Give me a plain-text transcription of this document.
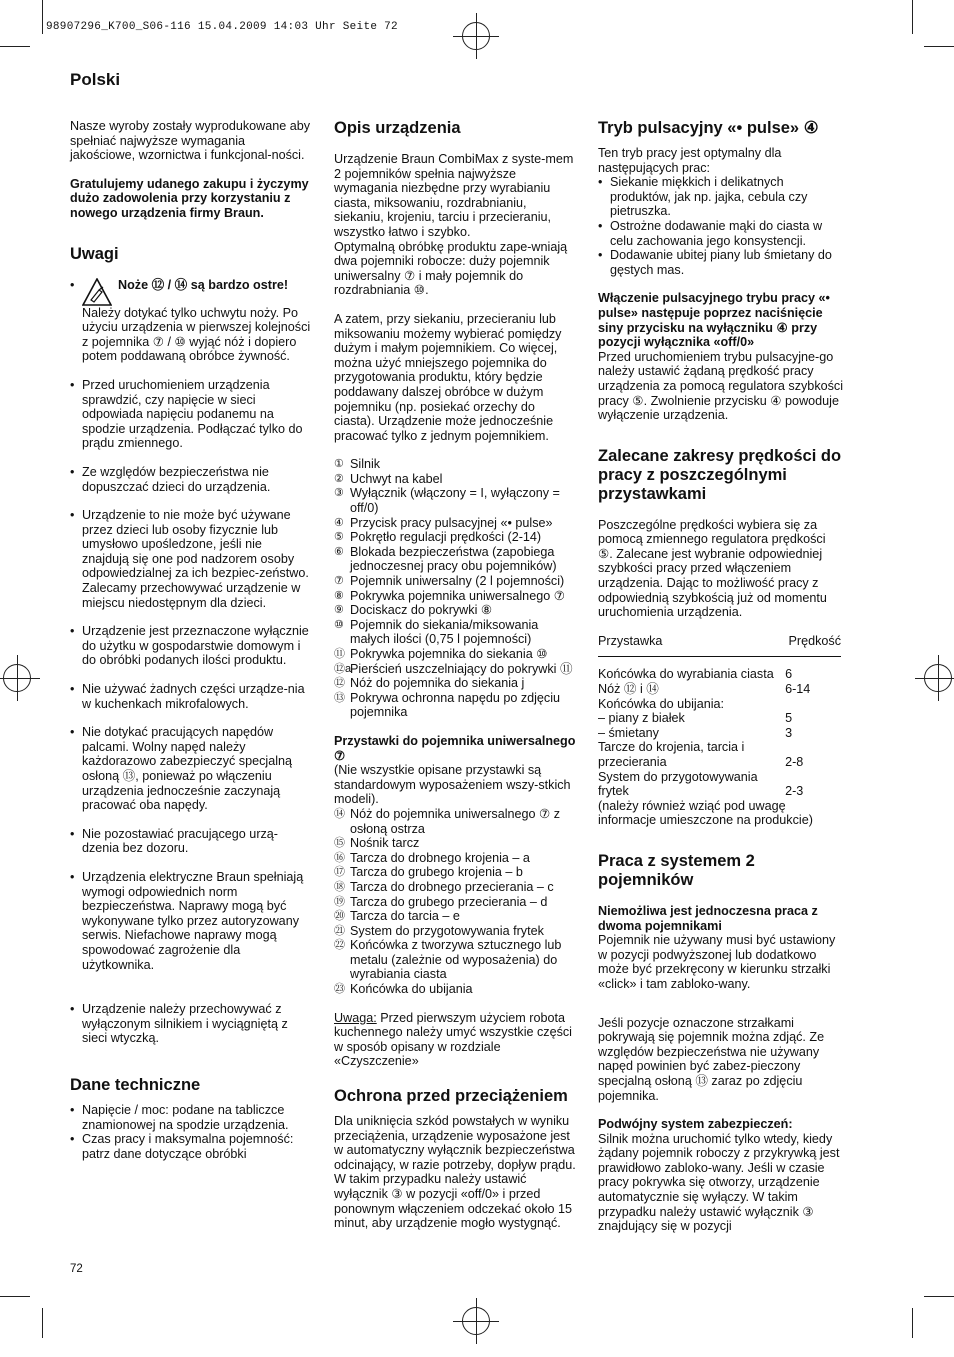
98907296_K700_S06-116 15.04.2009 14:03 Uhr Seite 72
Polski

Nasze wyroby zostały wyprodukowane aby spełniać najwyższe wymagania jakościowe, wzornictwa i funkcjonal-ności.

Gratulujemy udanego zakupu i życzymy dużo zadowolenia przy korzystaniu z nowego urządzenia firmy Braun.

Uwagi
• Noże ⑫ / ⑭ są bardzo ostre!

Należy dotykać tylko uchwytu noży. Po użyciu urządzenia w pierwszej kolejności z pojemnika ⑦ / ⑩ wyjąć nóż i dopiero potem poddawaną obróbce żywność.

• Przed uruchomieniem urządzenia sprawdzić, czy napięcie w sieci odpowiada napięciu podanemu na spodzie urządzenia. Podłączać tylko do prądu zmiennego.
• Ze względów bezpieczeństwa nie dopuszczać dzieci do urządzenia.
• Urządzenie to nie może być używane przez dzieci lub osoby fizycznie lub umysłowo upośledzone, jeśli nie znajdują się one pod nadzorem osoby odpowiedzialnej za ich bezpiec-zeństwo. Zalecamy przechowywać urządzenie w miejscu niedostępnym dla dzieci.
• Urządzenie jest przeznaczone wyłącznie do użytku w gospodarstwie domowym i do obróbki podanych ilości produktu.
• Nie używać żadnych części urządze-nia w kuchenkach mikrofalowych.
• Nie dotykać pracujących napędów palcami. Wolny napęd należy każdorazowo zabezpieczyć specjalną osłoną ⑬, ponieważ po włączeniu urządzenia jednocześnie zaczynają pracować oba napędy.
• Nie pozostawiać pracującego urzą-dzenia bez dozoru.
• Urządzenia elektryczne Braun spełniają wymogi odpowiednich norm bezpieczeństwa. Naprawy mogą być wykonywane tylko przez autoryzowany serwis. Niefachowe naprawy mogą spowodować zagrożenie dla użytkownika.
• Urządzenie należy przechowywać z wyłączonym silnikiem i wyciągniętą z sieci wtyczką.
Dane techniczne
• Napięcie / moc: podane na tabliczce znamionowej na spodzie urządzenia.
• Czas pracy i maksymalna pojemność: patrz dane dotyczące obróbki
Opis urządzenia

Urządzenie Braun CombiMax z syste-mem 2 pojemników spełnia najwyższe wymagania niezbędne przy wyrabianiu ciasta, miksowaniu, rozdrabnianiu, siekaniu, krojeniu, tarciu i przecieraniu, wszystko łatwo i szybko.

Optymalną obróbkę produktu zape-wniają dwa pojemniki robocze: duży pojemnik uniwersalny ⑦ i mały pojemnik do rozdrabniania ⑩.

A zatem, przy siekaniu, przecieraniu lub miksowaniu możemy wybierać pomiędzy dużym i małym pojemnikiem. Co więcej, można użyć mniejszego pojemnika do przygotowania produktu, który będzie poddawany dalszej obróbce w dużym pojemniku (np. posiekać orzechy do ciasta). Urządzenie może jednocześnie pracować tylko z jednym pojemnikiem.

① Silnik
② Uchwyt na kabel
③ Wyłącznik (włączony = I, wyłączony = off/0)
④ Przycisk pracy pulsacyjnej «• pulse»
⑤ Pokrętło regulacji prędkości (2-14)
⑥ Blokada bezpieczeństwa (zapobiega jednoczesnej pracy obu pojemników)
⑦ Pojemnik uniwersalny (2 l pojemności)
⑧ Pokrywka pojemnika uniwersalnego ⑦
⑨ Dociskacz do pokrywki ⑧
⑩ Pojemnik do siekania/miksowania małych ilości (0,75 l pojemności)
⑪ Pokrywka pojemnika do siekania ⑩
⑫a
Pierścień uszczelniający do pokrywki ⑪
⑫ Nóż do pojemnika do siekania j
⑬ Pokrywa ochronna napędu po zdjęciu pojemnika

Przystawki do pojemnika uniwersalnego ⑦

(Nie wszystkie opisane przystawki są standardowym wyposażeniem wszy-stkich modeli).

⑭ Nóż do pojemnika uniwersalnego ⑦ z osłoną ostrza
⑮ Nośnik tarcz
⑯ Tarcza do drobnego krojenia – a
⑰ Tarcza do grubego krojenia – b
⑱ Tarcza do drobnego przecierania – c
⑲ Tarcza do grubego przecierania – d
⑳ Tarcza do tarcia – e
㉑ System do przygotowywania frytek
㉒ Końcówka z tworzywa sztucznego lub metalu (zależnie od wyposażenia) do wyrabiania ciasta
㉓ Końcówka do ubijania

Uwaga: Przed pierwszym użyciem robota kuchennego należy umyć wszystkie części w sposób opisany w rozdziale «Czyszczenie»

Ochrona przed przeciążeniem

Dla uniknięcia szkód powstałych w wyniku przeciążenia, urządzenie wyposażone jest w automatyczny wyłącznik bezpieczeństwa odcinający, w razie potrzeby, dopływ prądu. W takim przypadku należy ustawić wyłącznik ③ w pozycji «off/0» i przed ponownym włączeniem odczekać około 15 minut, aby urządzenie mogło wystygnąć.

Tryb pulsacyjny «• pulse» ④

Ten tryb pracy jest optymalny dla następujących prac:

• Siekanie miękkich i delikatnych produktów, jak np. jajka, cebula czy pietruszka.
• Ostrożne dodawanie mąki do ciasta w celu zachowania jego konsystencji.
• Dodawanie ubitej piany lub śmietany do gęstych mas.

Włączenie pulsacyjnego trybu pracy «• pulse» następuje poprzez naciśnięcie siny przycisku na wyłączniku ④ przy pozycji wyłącznika «off/0»

Przed uruchomieniem trybu pulsacyjne-go należy ustawić żądaną prędkość pracy urządzenia za pomocą regulatora szybkości pracy ⑤. Zwolnienie przycisku ④ powoduje wyłączenie urządzenia.

Zalecane zakresy prędkości do pracy z poszczególnymi przystawkami

Poszczególne prędkości wybiera się za pomocą zmiennego regulatora prędkości ⑤. Zalecane jest wybranie odpowiedniej szybkości pracy przed włączeniem urządzenia. Dając to możliwość pracy z odpowiednią szybkością już od momentu uruchomienia urządzenia.

Przystawka	Prędkość

Końcówka do wyrabiania ciasta	6
Nóż ⑫ i ⑭	6-14
Końcówka do ubijania:	
– piany z białek	5
– śmietany	3
Tarcze do krojenia, tarcia i	
przecierania	2-8
System do przygotowywania	
frytek	2-3
(należy również wziąć pod uwagę	
informacje umieszczone na produkcie)	
Praca z systemem 2 pojemników

Niemożliwa jest jednoczesna praca z dwoma pojemnikami

Pojemnik nie używany musi być ustawiony w pozycji podwyższonej lub dodatkowo może być przekręcony w kierunku strzałki «click» i tam zabloko-wany.

Jeśli pozycje oznaczone strzałkami pokrywają się pojemnik można zdjąć. Ze względów bezpieczeństwa nie używany napęd powinien być zabez-pieczony specjalną osłoną ⑬ zaraz po zdjęciu pojemnika.

Podwójny system zabezpieczeń:

Silnik można uruchomić tylko wtedy, kiedy żądany pojemnik roboczy z przykrywką jest prawidłowo zabloko-wany. Jeśli w czasie pracy pokrywka się otworzy, urządzenie automatycznie się wyłączy. W takim przypadku należy ustawić wyłącznik ③ znajdujący się w pozycji

72
